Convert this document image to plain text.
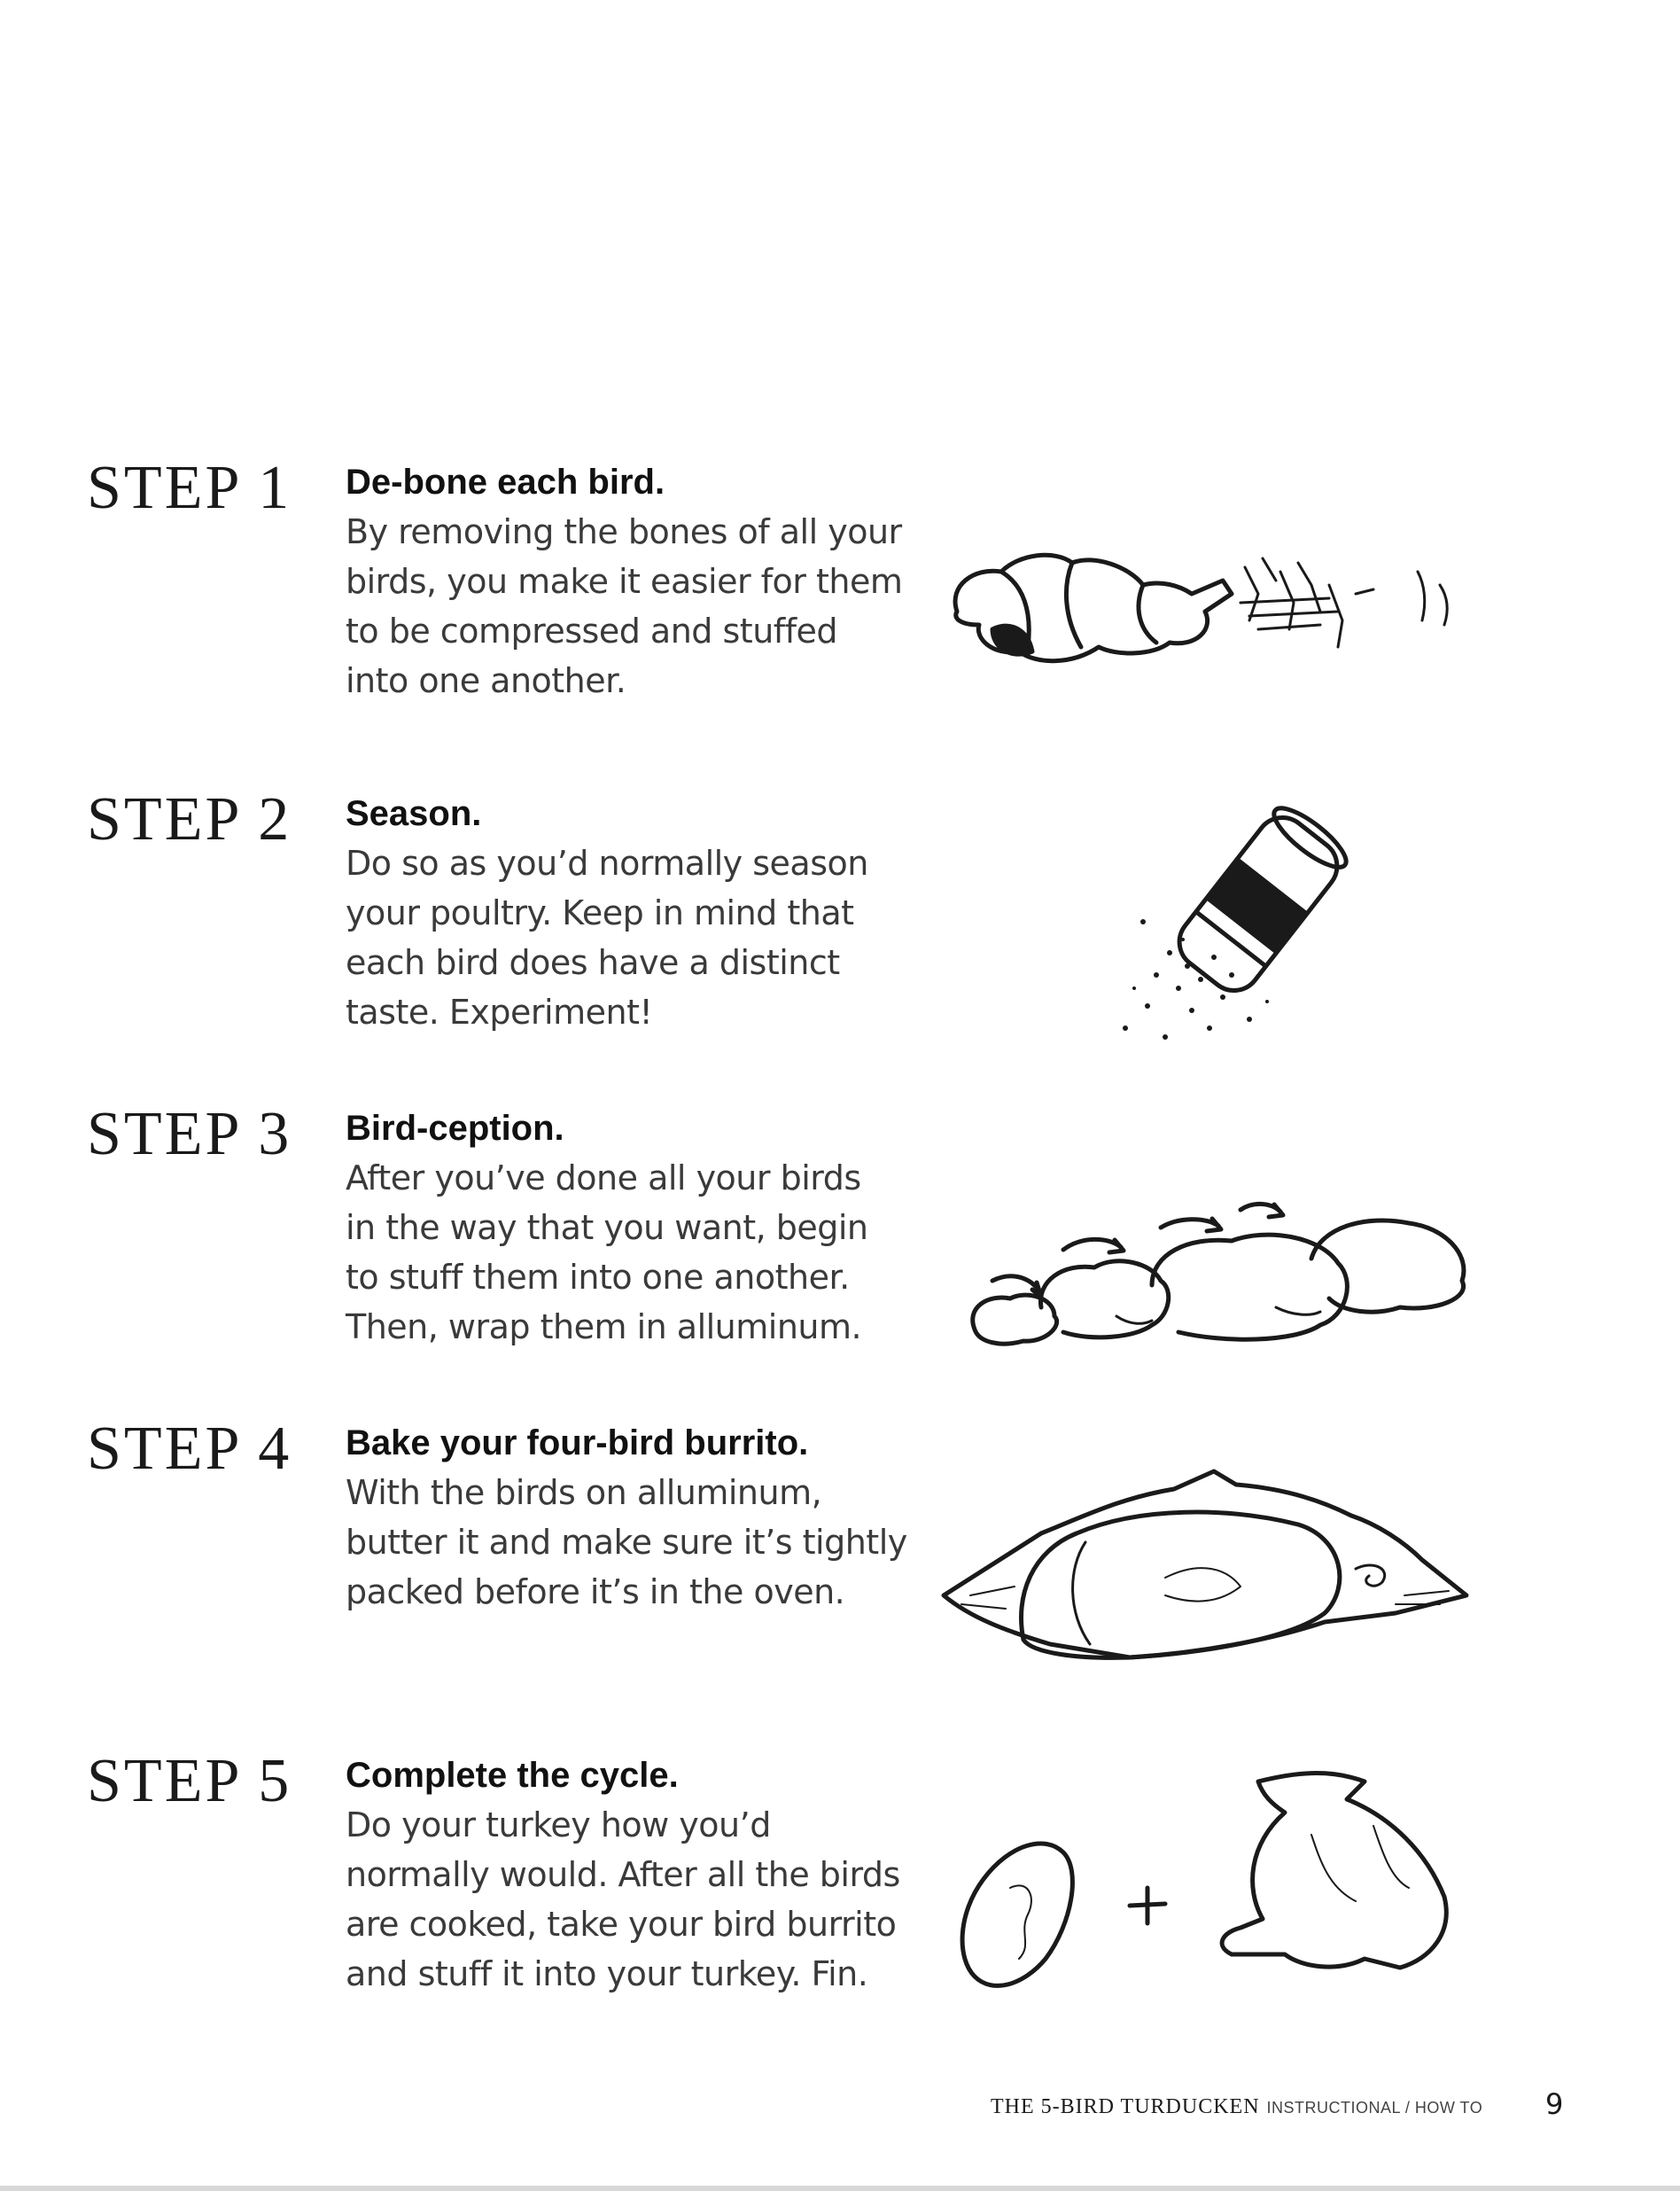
STEP 1 De-bone each bird.

By removing the bones of all your
birds, you make it easier for them
to be compressed and stuffed
into one another.

STEP 2 Season.

Do so as you’d normally season
your poultry. Keep in mind that
each bird does have a distinct
taste. Experiment!

STEP 3 Bird-ception.

After you’ve done all your birds
in the way that you want, begin
to stuff them into one another.
Then, wrap them in alluminum.

STEP 4 Bake your four-bird burrito.

With the birds on alluminum,
butter it and make sure it’s tightly
packed before it’s in the oven.

STEP 5 Complete the cycle.

Do your turkey how you’d
normally would. After all the birds
are cooked, take your bird burrito
and stuff it into your turkey. Fin.

THE 5-BIRD TURDUCKEN INSTRUCTIONAL / HOW TO 9
